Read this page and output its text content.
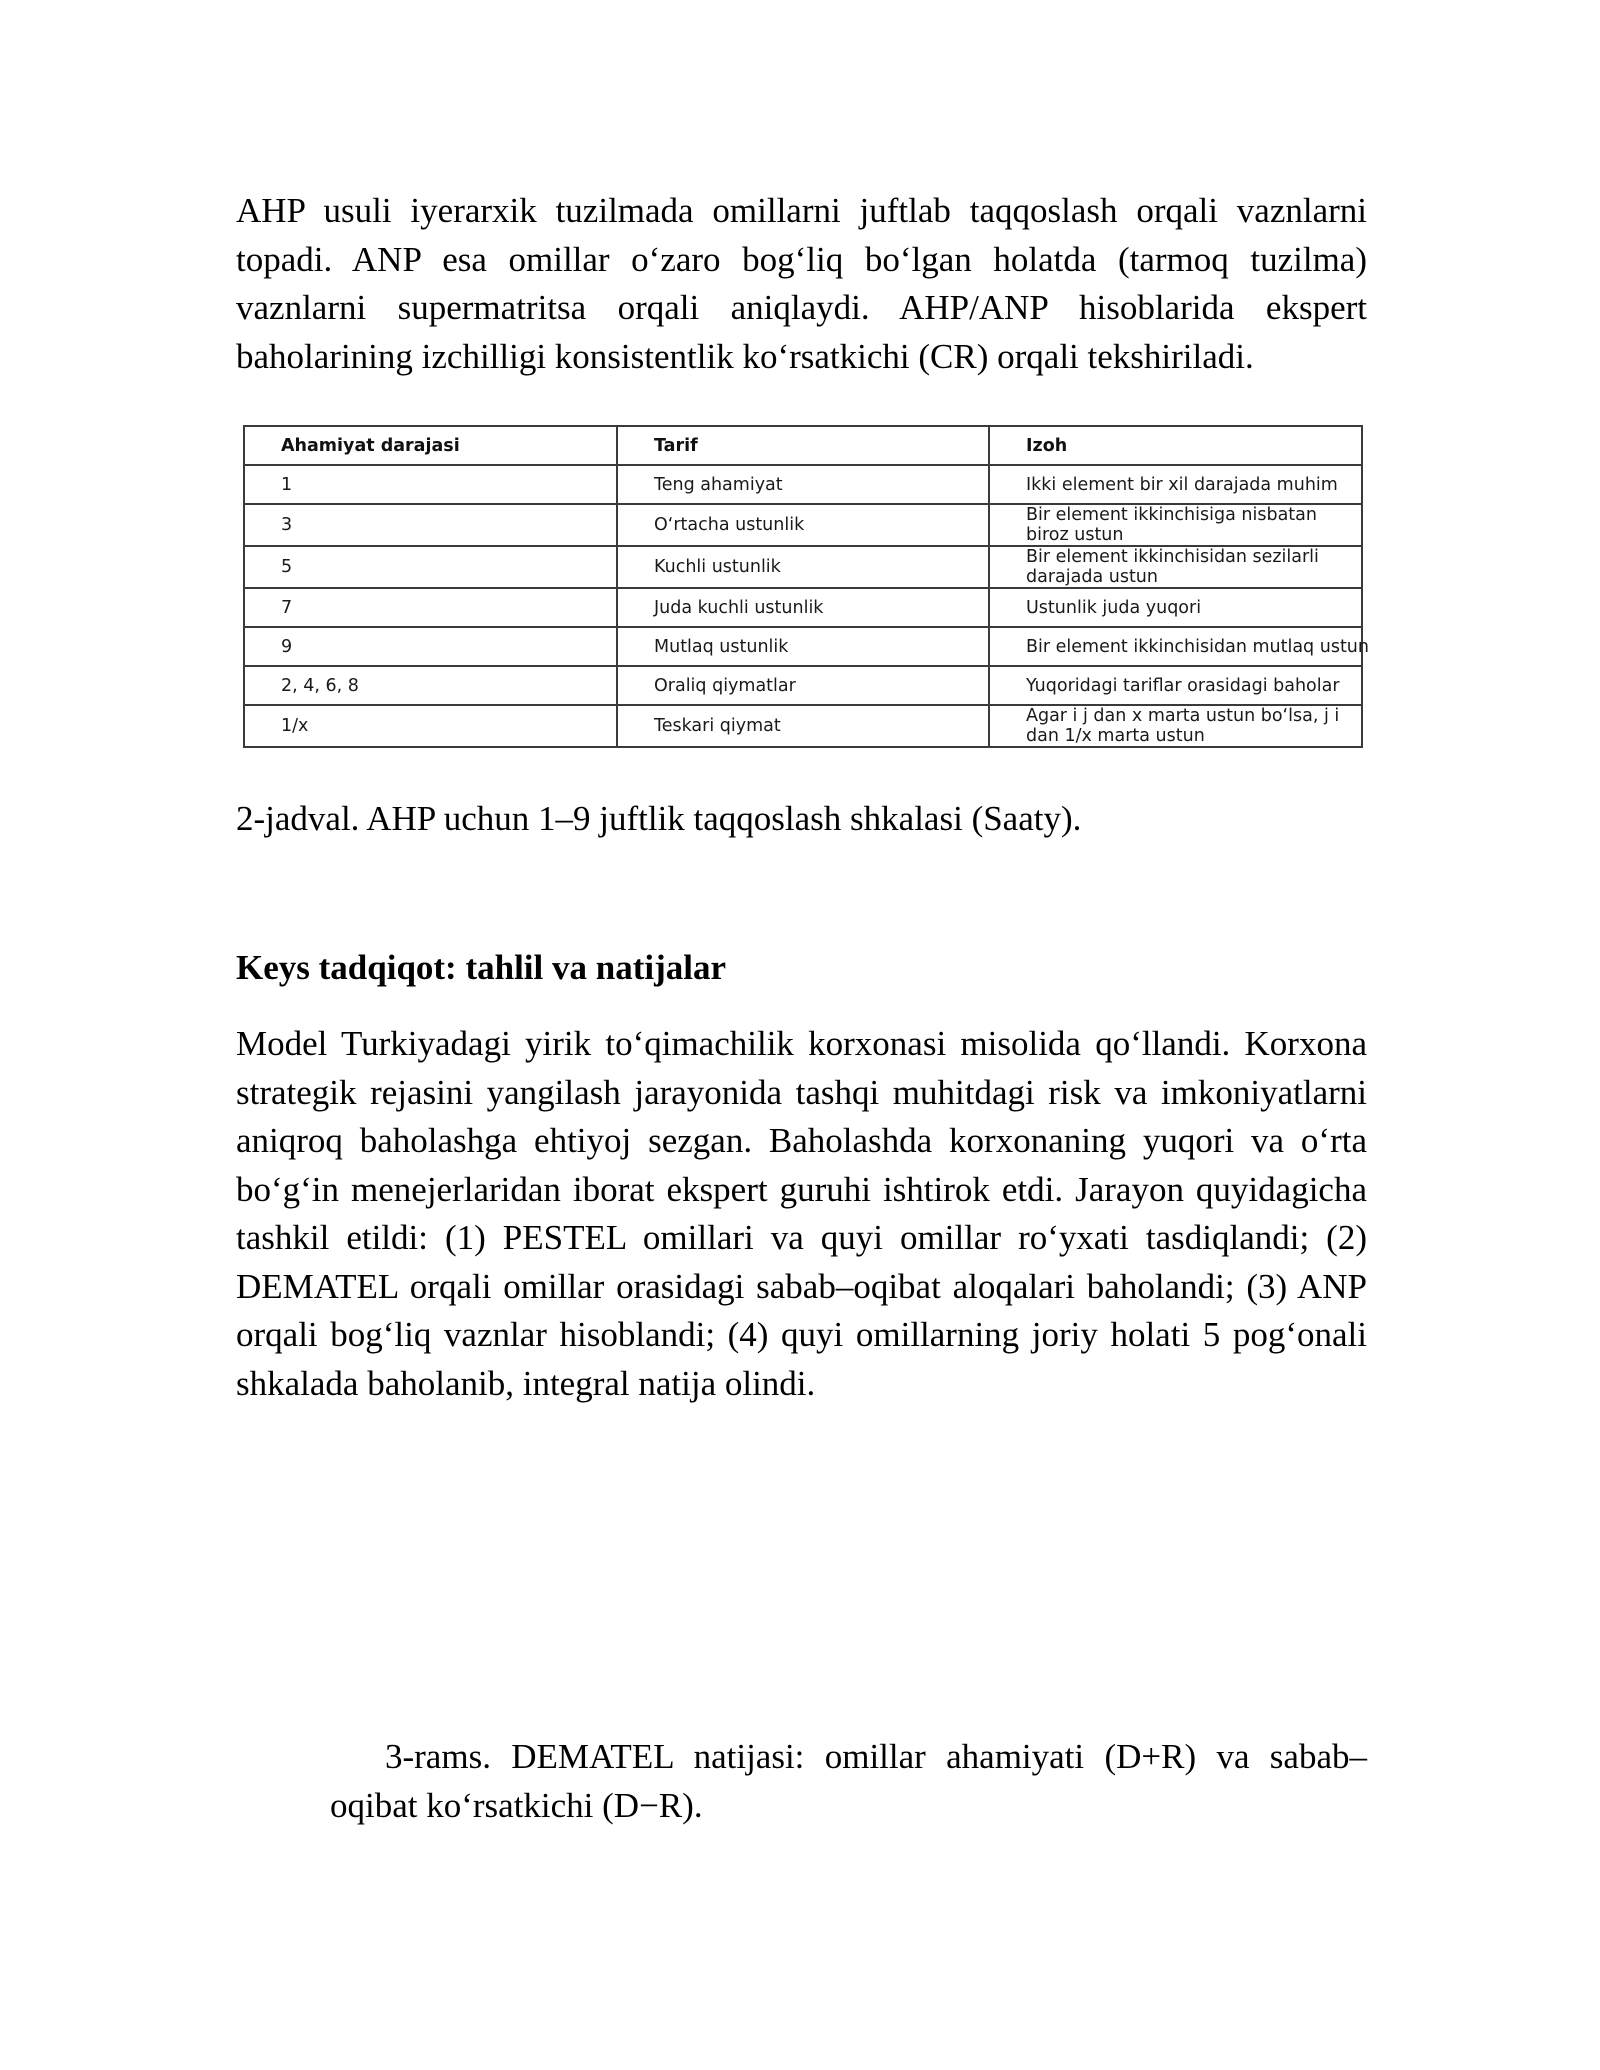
AHP usuli iyerarxik tuzilmada omillarni juftlab taqqoslash orqali vaznlarni topadi. ANP esa omillar o‘zaro bog‘liq bo‘lgan holatda (tarmoq tuzilma) vaznlarni supermatritsa orqali aniqlaydi. AHP/ANP hisoblarida ekspert baholarining izchilligi konsistentlik ko‘rsatkichi (CR) orqali tekshiriladi.

Ahamiyat darajasi	Tarif	Izoh
1	Teng ahamiyat	Ikki element bir xil darajada muhim
3	O‘rtacha ustunlik	Bir element ikkinchisiga nisbatan biroz ustun
5	Kuchli ustunlik	Bir element ikkinchisidan sezilarli darajada ustun
7	Juda kuchli ustunlik	Ustunlik juda yuqori
9	Mutlaq ustunlik	Bir element ikkinchisidan mutlaq ustun
2, 4, 6, 8	Oraliq qiymatlar	Yuqoridagi tariflar orasidagi baholar
1/x	Teskari qiymat	Agar i j dan x marta ustun bo‘lsa, j i dan 1/x marta ustun

2-jadval. AHP uchun 1–9 juftlik taqqoslash shkalasi (Saaty).

Keys tadqiqot: tahlil va natijalar

Model Turkiyadagi yirik to‘qimachilik korxonasi misolida qo‘llandi. Korxona strategik rejasini yangilash jarayonida tashqi muhitdagi risk va imkoniyatlarni aniqroq baholashga ehtiyoj sezgan. Baholashda korxonaning yuqori va o‘rta bo‘g‘in menejerlaridan iborat ekspert guruhi ishtirok etdi. Jarayon quyidagicha tashkil etildi: (1) PESTEL omillari va quyi omillar ro‘yxati tasdiqlandi; (2) DEMATEL orqali omillar orasidagi sabab–oqibat aloqalari baholandi; (3) ANP orqali bog‘liq vaznlar hisoblandi; (4) quyi omillarning joriy holati 5 pog‘onali shkalada baholanib, integral natija olindi.

3-rams. DEMATEL natijasi: omillar ahamiyati (D+R) va sabab–oqibat ko‘rsatkichi (D−R).
